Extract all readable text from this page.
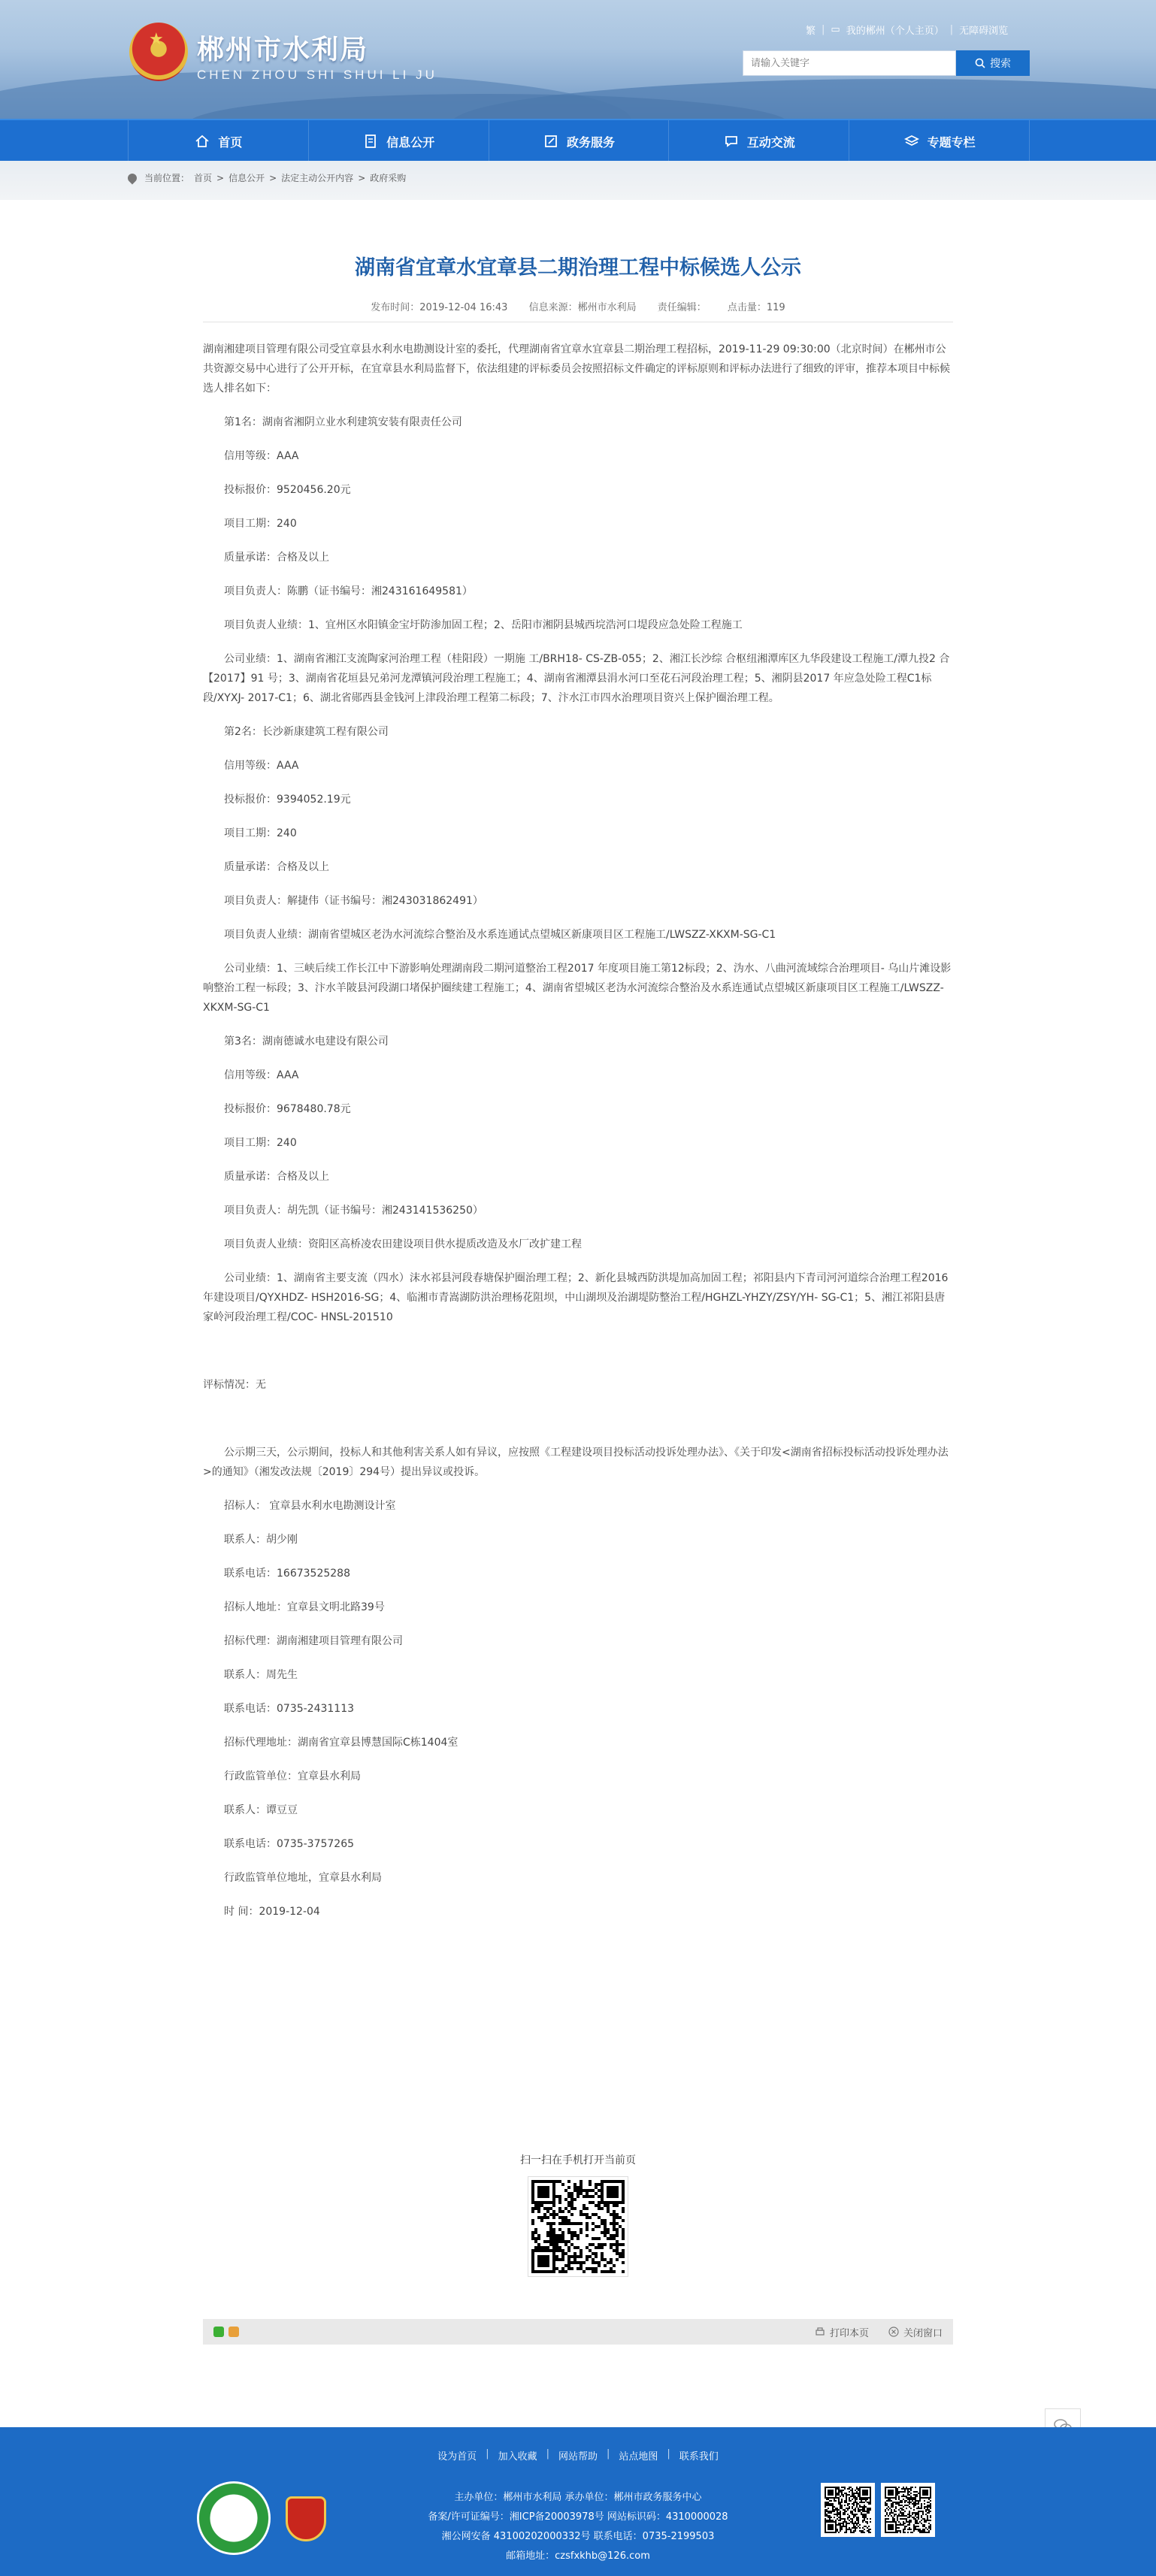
★ 郴州市水利局
CHEN ZHOU SHI SHUI LI JU
繁 | ▭ 我的郴州（个人主页） | 无障碍浏览
请输入关键字
搜索
首页	信息公开	政务服务	互动交流	专题专栏
当前位置： 首页 > 信息公开 > 法定主动公开内容 > 政府采购
湖南省宜章水宜章县二期治理工程中标候选人公示
发布时间：2019-12-04 16:43 信息来源：郴州市水利局 责任编辑： 点击量：119

湖南湘建项目管理有限公司受宜章县水利水电勘测设计室的委托，代理湖南省宜章水宜章县二期治理工程招标，2019-11-29 09:30:00（北京时间）在郴州市公共资源交易中心进行了公开开标，在宜章县水利局监督下，依法组建的评标委员会按照招标文件确定的评标原则和评标办法进行了细致的评审，推荐本项目中标候选人排名如下：

第1名：湖南省湘阴立业水利建筑安装有限责任公司

信用等级：AAA

投标报价：9520456.20元

项目工期：240

质量承诺：合格及以上

项目负责人：陈鹏（证书编号：湘243161649581）

项目负责人业绩：1、宜州区水阳镇金宝圩防渗加固工程；2、岳阳市湘阴县城西垸浩河口堤段应急处险工程施工

公司业绩：1、湖南省湘江支流陶家河治理工程（桂阳段）一期施 工/BRH18- CS-ZB-055；2、湘江长沙综 合枢纽湘潭库区九华段建设工程施工/潭九投2 合【2017】91 号；3、湖南省花垣县兄弟河龙潭镇河段治理工程施工；4、湖南省湘潭县涓水河口至花石河段治理工程；5、湘阴县2017 年应急处险工程C1标段/XYXJ- 2017-C1；6、湖北省郧西县金钱河上津段治理工程第二标段；7、汴水江市四水治理项目资兴上保护圈治理工程。

第2名：长沙新康建筑工程有限公司

信用等级：AAA

投标报价：9394052.19元

项目工期：240

质量承诺：合格及以上

项目负责人：解捷伟（证书编号：湘243031862491）

项目负责人业绩：湖南省望城区老沩水河流综合整治及水系连通试点望城区新康项目区工程施工/LWSZZ-XKXM-SG-C1

公司业绩：1、三峡后续工作长江中下游影响处理湖南段二期河道整治工程2017 年度项目施工第12标段；2、沩水、八曲河流域综合治理项目- 乌山片滩设影响整治工程一标段；3、汴水羊陂县河段湖口堵保护圈续建工程施工；4、湖南省望城区老沩水河流综合整治及水系连通试点望城区新康项目区工程施工/LWSZZ-XKXM-SG-C1

第3名：湖南德诚水电建设有限公司

信用等级：AAA

投标报价：9678480.78元

项目工期：240

质量承诺：合格及以上

项目负责人：胡先凯（证书编号：湘243141536250）

项目负责人业绩：资阳区高桥凌农田建设项目供水提质改造及水厂改扩建工程

公司业绩：1、湖南省主要支流（四水）沫水祁县河段春塘保护圈治理工程；2、新化县城西防洪堤加高加固工程；祁阳县内下青司河河道综合治理工程2016 年建设项目/QYXHDZ- HSH2016-SG；4、临湘市青嵩湖防洪治理杨花阻坝，中山湖坝及治湖堤防整治工程/HGHZL-YHZY/ZSY/YH- SG-C1；5、湘江祁阳县唐家岭河段治理工程/COC- HNSL-201510

评标情况：无

公示期三天，公示期间，投标人和其他利害关系人如有异议，应按照《工程建设项目投标活动投诉处理办法》、《关于印发<湖南省招标投标活动投诉处理办法>的通知》（湘发改法规〔2019〕294号）提出异议或投诉。

招标人： 宜章县水利水电勘测设计室

联系人：胡少刚

联系电话：16673525288

招标人地址：宜章县文明北路39号

招标代理：湖南湘建项目管理有限公司

联系人：周先生

联系电话：0735-2431113

招标代理地址：湖南省宜章县博慧国际C栋1404室

行政监管单位：宜章县水利局

联系人：谭豆豆

联系电话：0735-3757265

行政监管单位地址，宜章县水利局

时 间：2019-12-04

扫一扫在手机打开当前页
打印本页	关闭窗口
设为首页 | 加入收藏 | 网站帮助 | 站点地图 | 联系我们
主办单位：郴州市水利局 承办单位：郴州市政务服务中心
备案/许可证编号：湘ICP备20003978号 网站标识码：4310000028
湘公网安备 43100202000332号 联系电话：0735-2199503
邮箱地址：czsfxkhb@126.com
